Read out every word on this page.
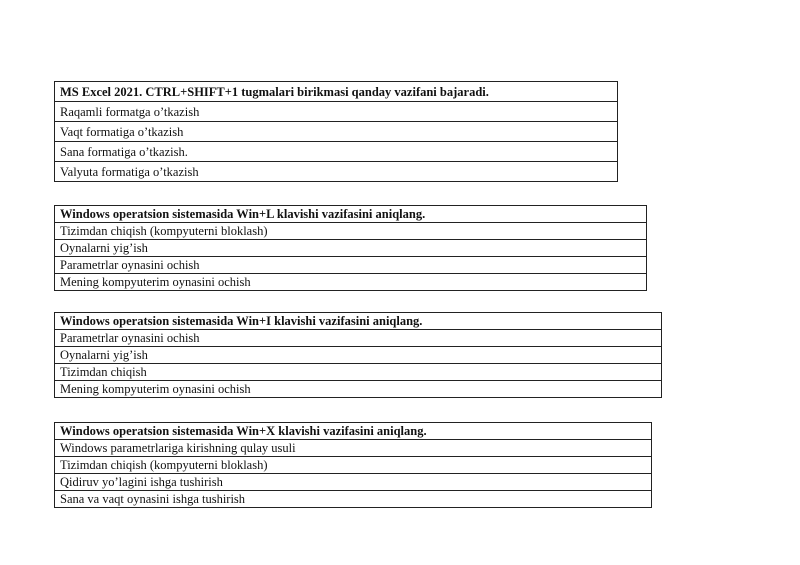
MS Excel 2021. CTRL+SHIFT+1 tugmalari birikmasi qanday vazifani bajaradi.
Raqamli formatga o’tkazish
Vaqt formatiga o’tkazish
Sana formatiga o’tkazish.
Valyuta formatiga o’tkazish
Windows operatsion sistemasida Win+L klavishi vazifasini aniqlang.
Tizimdan chiqish (kompyuterni bloklash)
Oynalarni yig’ish
Parametrlar oynasini ochish
Mening kompyuterim oynasini ochish
Windows operatsion sistemasida Win+I klavishi vazifasini aniqlang.
Parametrlar oynasini ochish
Oynalarni yig’ish
Tizimdan chiqish
Mening kompyuterim oynasini ochish
Windows operatsion sistemasida Win+X klavishi vazifasini aniqlang.
Windows parametrlariga kirishning qulay usuli
Tizimdan chiqish (kompyuterni bloklash)
Qidiruv yo’lagini ishga tushirish
Sana va vaqt oynasini ishga tushirish
